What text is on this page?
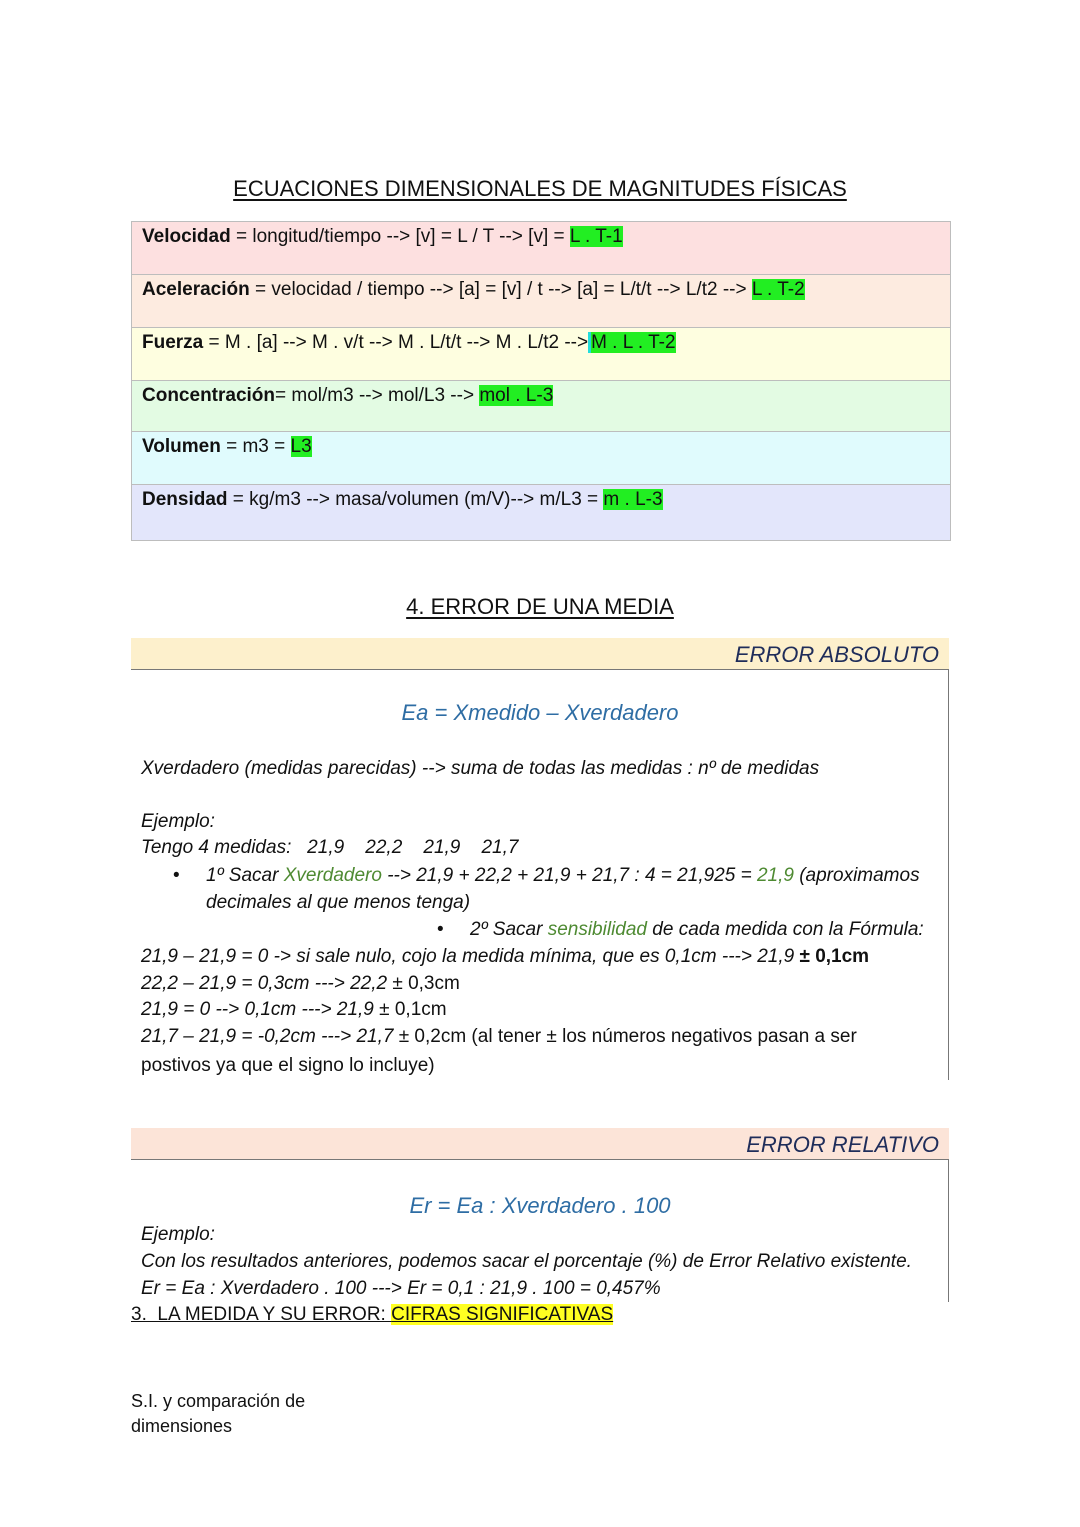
ECUACIONES DIMENSIONALES DE MAGNITUDES FÍSICAS
Velocidad = longitud/tiempo --> [v] = L / T --> [v] = L . T-1
Aceleración = velocidad / tiempo --> [a] = [v] / t --> [a] = L/t/t --> L/t2 --> L . T-2
Fuerza = M . [a] --> M . v/t --> M . L/t/t --> M . L/t2 --> M . L . T-2
Concentración= mol/m3 --> mol/L3 --> mol . L-3
Volumen = m3 = L3
Densidad = kg/m3 --> masa/volumen (m/V)--> m/L3 = m . L-3
4. ERROR DE UNA MEDIA
ERROR ABSOLUTO
Ea = Xmedido – Xverdadero
Xverdadero (medidas parecidas) --> suma de todas las medidas : nº de medidas
Ejemplo:
Tengo 4 medidas:   21,9    22,2    21,9    21,7
• 1º Sacar Xverdadero --> 21,9 + 22,2 + 21,9 + 21,7 : 4 = 21,925 = 21,9 (aproximamos
decimales al que menos tenga)
• 2º Sacar sensibilidad de cada medida con la Fórmula:
21,9 – 21,9 = 0 -> si sale nulo, cojo la medida mínima, que es 0,1cm ---> 21,9 ± 0,1cm
22,2 – 21,9 = 0,3cm ---> 22,2 ± 0,3cm
21,9 = 0 --> 0,1cm ---> 21,9 ± 0,1cm
21,7 – 21,9 = -0,2cm ---> 21,7 ± 0,2cm (al tener ± los números negativos pasan a ser
postivos ya que el signo lo incluye)
ERROR RELATIVO
Er = Ea : Xverdadero . 100
Ejemplo:
Con los resultados anteriores, podemos sacar el porcentaje (%) de Error Relativo existente.
Er = Ea : Xverdadero . 100 ---> Er = 0,1 : 21,9 . 100 = 0,457%
3.  LA MEDIDA Y SU ERROR: CIFRAS SIGNIFICATIVAS
S.I. y comparación de
dimensiones
